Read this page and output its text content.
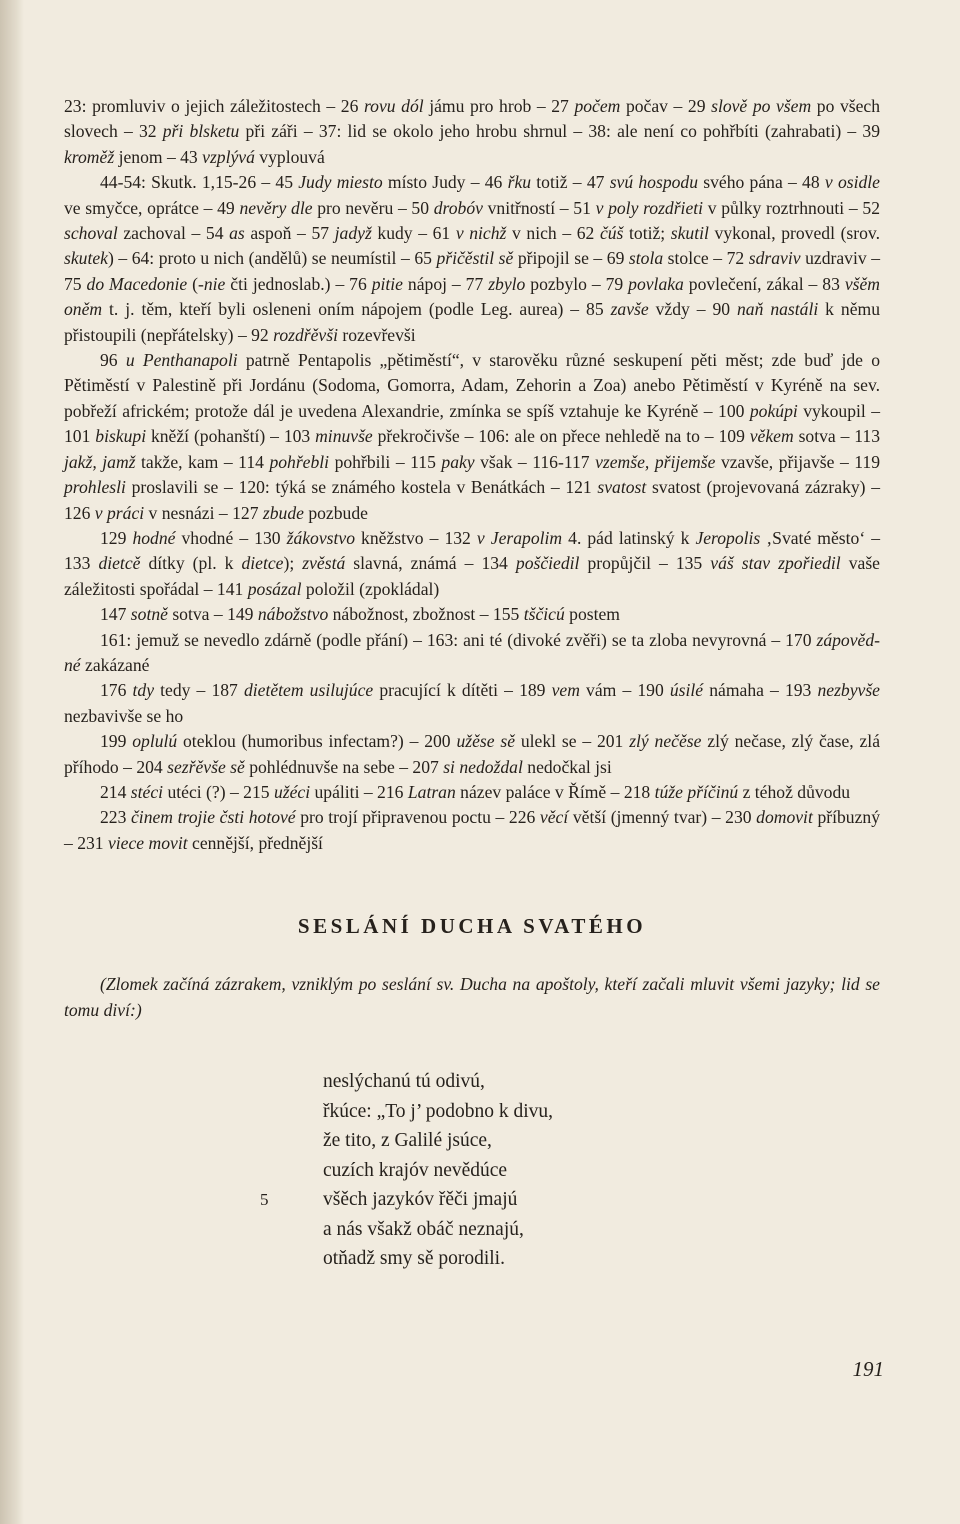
23: promluviv o jejich záležitostech – 26 rovu dól jámu pro hrob – 27 počem počav – 29 slově po všem po všech slovech – 32 při blsketu při záři – 37: lid se okolo jeho hrobu shrnul – 38: ale není co pohřbíti (zahrabati) – 39 kroměž jenom – 43 vzplývá vyplouvá

44-54: Skutk. 1,15-26 – 45 Judy miesto místo Judy – 46 řku totiž – 47 svú hospodu svého pána – 48 v osidle ve smyčce, oprátce – 49 nevěry dle pro nevěru – 50 drobóv vnitřností – 51 v poly rozdřieti v půlky roztrhnouti – 52 schoval zachoval – 54 as aspoň – 57 jadyž kudy – 61 v nichž v nich – 62 čúš totiž; skutil vykonal, provedl (srov. skutek) – 64: proto u nich (andělů) se neumístil – 65 přičěstil sě připojil se – 69 stola stolce – 72 sdraviv uzdraviv – 75 do Macedonie (-nie čti jednoslab.) – 76 pitie nápoj – 77 zbylo pozbylo – 79 povlaka povlečení, zákal – 83 všěm oněm t. j. těm, kteří byli osleneni oním nápojem (podle Leg. aurea) – 85 zavše vždy – 90 naň nastáli k němu přistoupili (nepřátelsky) – 92 rozdřěvši rozevřevši

96 u Penthanapoli patrně Pentapolis „pětiměstí“, v starověku různé seskupení pěti měst; zde buď jde o Pětiměstí v Palestině při Jordánu (Sodoma, Gomorra, Adam, Zehorin a Zoa) anebo Pětiměstí v Kyréně na sev. pobřeží africkém; protože dál je uvedena Alexandrie, zmínka se spíš vztahuje ke Kyréně – 100 pokúpi vykoupil – 101 biskupi kněží (pohanští) – 103 minuvše překročivše – 106: ale on přece nehledě na to – 109 věkem sotva – 113 jakž, jamž takže, kam – 114 pohřebli pohřbili – 115 paky však – 116-117 vzemše, přijemše vzavše, přijavše – 119 prohlesli proslavili se – 120: týká se známého kostela v Benátkách – 121 svatost svatost (projevovaná zázraky) – 126 v práci v nesnázi – 127 zbude pozbude

129 hodné vhodné – 130 žákovstvo kněžstvo – 132 v Jerapolim 4. pád latinský k Jeropolis ‚Svaté město‘ – 133 dietcě dítky (pl. k dietce); zvěstá slavná, známá – 134 poščiedil propůjčil – 135 váš stav zpořiedil vaše záležitosti spořádal – 141 posázal položil (zpokládal)

147 sotně sotva – 149 nábožstvo nábožnost, zbožnost – 155 tščicú postem

161: jemuž se nevedlo zdárně (podle přání) – 163: ani té (divoké zvěři) se ta zloba nevyrovná – 170 zápovědné zakázané

176 tdy tedy – 187 dietětem usilujúce pracující k dítěti – 189 vem vám – 190 úsilé námaha – 193 nezbyvše nezbavivše se ho

199 oplulú oteklou (humoribus infectam?) – 200 užěse sě ulekl se – 201 zlý nečěse zlý nečase, zlý čase, zlá příhodo – 204 sezřěvše sě pohlédnuvše na sebe – 207 si nedoždal nedočkal jsi

214 stéci utéci (?) – 215 užéci upáliti – 216 Latran název paláce v Římě – 218 túže příčinú z téhož důvodu

223 činem trojie čsti hotové pro trojí připravenou poctu – 226 věcí větší (jmenný tvar) – 230 domovit příbuzný – 231 viece movit cennější, přednější

SESLÁNÍ DUCHA SVATÉHO

(Zlomek začíná zázrakem, vzniklým po seslání sv. Ducha na apoštoly, kteří začali mluvit všemi jazyky; lid se tomu diví:)

neslýchanú tú odivú,
řkúce: „To j’ podobno k divu,
že tito, z Galilé jsúce,
cuzích krajóv nevědúce
5	všěch jazykóv řěči jmajú
a nás všakž obáč neznajú,
otňadž smy sě porodili.
191
